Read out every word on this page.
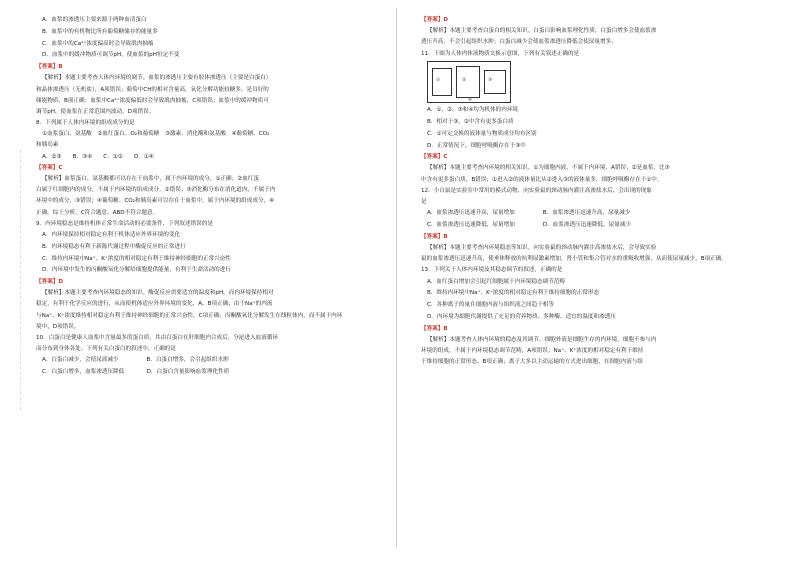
A．血浆的渗透压主要来源于两种血清蛋白
B．血浆中的有机物比所有葡萄糖储存的能量多
C．血浆中的Ca²⁺浓度偏高时会导致肌肉抽搐
D．血浆中的缓冲物质可调节pH，使血浆的pH恒定不变
【答案】B
【解析】本题主要考查人体内环境的调节。血浆的渗透压主要有胶体渗透压（主要是白蛋白）
和晶体渗透压（无机盐），A项错误；葡萄中CH的相对含量高，氧化分解功能较糖多，是良好的
储能物质，B项正确；血浆中Ca²⁺浓度偏低时会导致肌肉抽搐，C项错误；血浆中的缓冲物质可
调节pH，使血浆在正常范围内波动，D项错误。
8．下列属于人体内环境的组成成分的是
①血浆蛋白、氨基酸　②血红蛋白、O₂和葡萄糖　③激素、消化酶和氨基酸　④葡萄糖、CO₂
和胰岛素
A．②③　　B．③④　　C．①②　　D．①④
【答案】C
【解析】血浆蛋白、氨基酸都可以存在于血浆中，属于内环境的成分，①正确；②血红蛋
白属于红细胞内的成分，不属于内环境的组成成分，②错误；③消化酶分布在消化道内，不属于内
环境中的成分，③错误；④葡萄糖、CO₂和胰岛素可以存在于血浆中，属于内环境的组成成分，④
正确。综上分析，C符合题意，ABD不符合题意。
9．内环境稳态是维持机体正常生命活动的必要条件，下列叙述错误的是
A．内环境保持相对稳定有利于机体适应外界环境的变化
B．内环境稳态有利于新陈代谢过程中酶促反应的正常进行
C．维持内环境中Na⁺、K⁺浓度的相对稳定有利于维持神经细胞的正常兴奋性
D．内环境中发生的丙酮酸氧化分解给细胞提供能量，有利于生命活动的进行
【答案】D
【解析】本题主要考查内环境稳态的知识。酶促反应需要适宜的温度和pH，而内环境保持相对
稳定，有利于化学反应的进行，从而使机体适应外界环境的变化，A、B项正确；由于Na⁺的内流
与Na⁺、K⁺浓度维持相对稳定有利于维持神经细胞的正常兴奋性，C项正确；丙酮酸氧化分解发生在线粒体内，而不属于内环
境中，D项错误。
10．白蛋白是健康人血浆中含量最多的蛋白质，其由白蛋白在肝细胞内合成后，分泌进入血液循环
而分布到身体各处。下列有关白蛋白的叙述中，正确的是
A．白蛋白减少，会使尿液减少　　　　　B．白蛋白增多，会引起组织水肿
C．白蛋白增多，血浆渗透压降低　　　　D．白蛋白含量影响血浆理化性质
【答案】D
【解析】本题主要考查白蛋白的相关知识。白蛋白影响血浆理化性质，白蛋白增多会使血浆渗
透压升高，不会引起组织水肿；白蛋白减少会使血浆渗透压降低会使尿量增多。
11．下图为人体内体液物质交换示意图，下列有关叙述正确的是
①	②	③
④
A．①、②、③和④均为机体的内环境
B．相对于③，②中含有更多蛋白质
C．①可定交换的液体量与物质成分均有区别
D．正常情况下，细胞呼吸酶存在于③中
【答案】C
【解析】本题主要考查内环境的相关知识。①为细胞内液，不属于内环境，A错误；②是血浆，比③
中含有更多蛋白质，B错误；①进入②的液体量比从②进入③的液体量多，细胞呼吸酶存在于①中。
12．小白鼠是实验室中常用的模式动物，向实验鼠的颈动脉内灌注高渗盐水后，会出现的现象
是
A．血浆渗透压迅速升高，尿量增加　　　　　B．血浆渗透压迅速升高，尿量减少
C．血浆渗透压迅速降低，尿量增加　　　　　D．血浆渗透压迅速降低，尿量减少
【答案】B
【解析】本题主要考查内环境稳态等知识。向实验鼠的颈动脉内灌注高渗盐水后，会导致实验
鼠的血浆渗透压迅速升高，使垂体释放的抗利尿激素增加，肾小管和集合管对水的重吸收增强，从而使尿量减少，B项正确。
13．下列关于人体内环境及其稳态调节的叙述，正确的是
A．血红蛋白增加会引起红细胞属于内环境稳态调节范畴
B．维持内环境中Na⁺、K⁺浓度的相对稳定有利于维持细胞的正常形态
C．各种离子的量在细胞内液与组织液之间趋于相等
D．内环境为细胞代谢提供了充足的营养物质、多种酶、适宜的温度和渗透压
【答案】B
【解析】本题考查人体内环境的稳态及其调节。细胞外液是细胞生存的内环境，细胞不参与内
环境的组成，不属于内环境稳态调节范畴，A项错误；Na⁺、K⁺浓度的相对稳定有利于维持
于维持细胞的正常形态，B项正确；离子大多以主动运输的方式进出细胞，在细胞内液与组
